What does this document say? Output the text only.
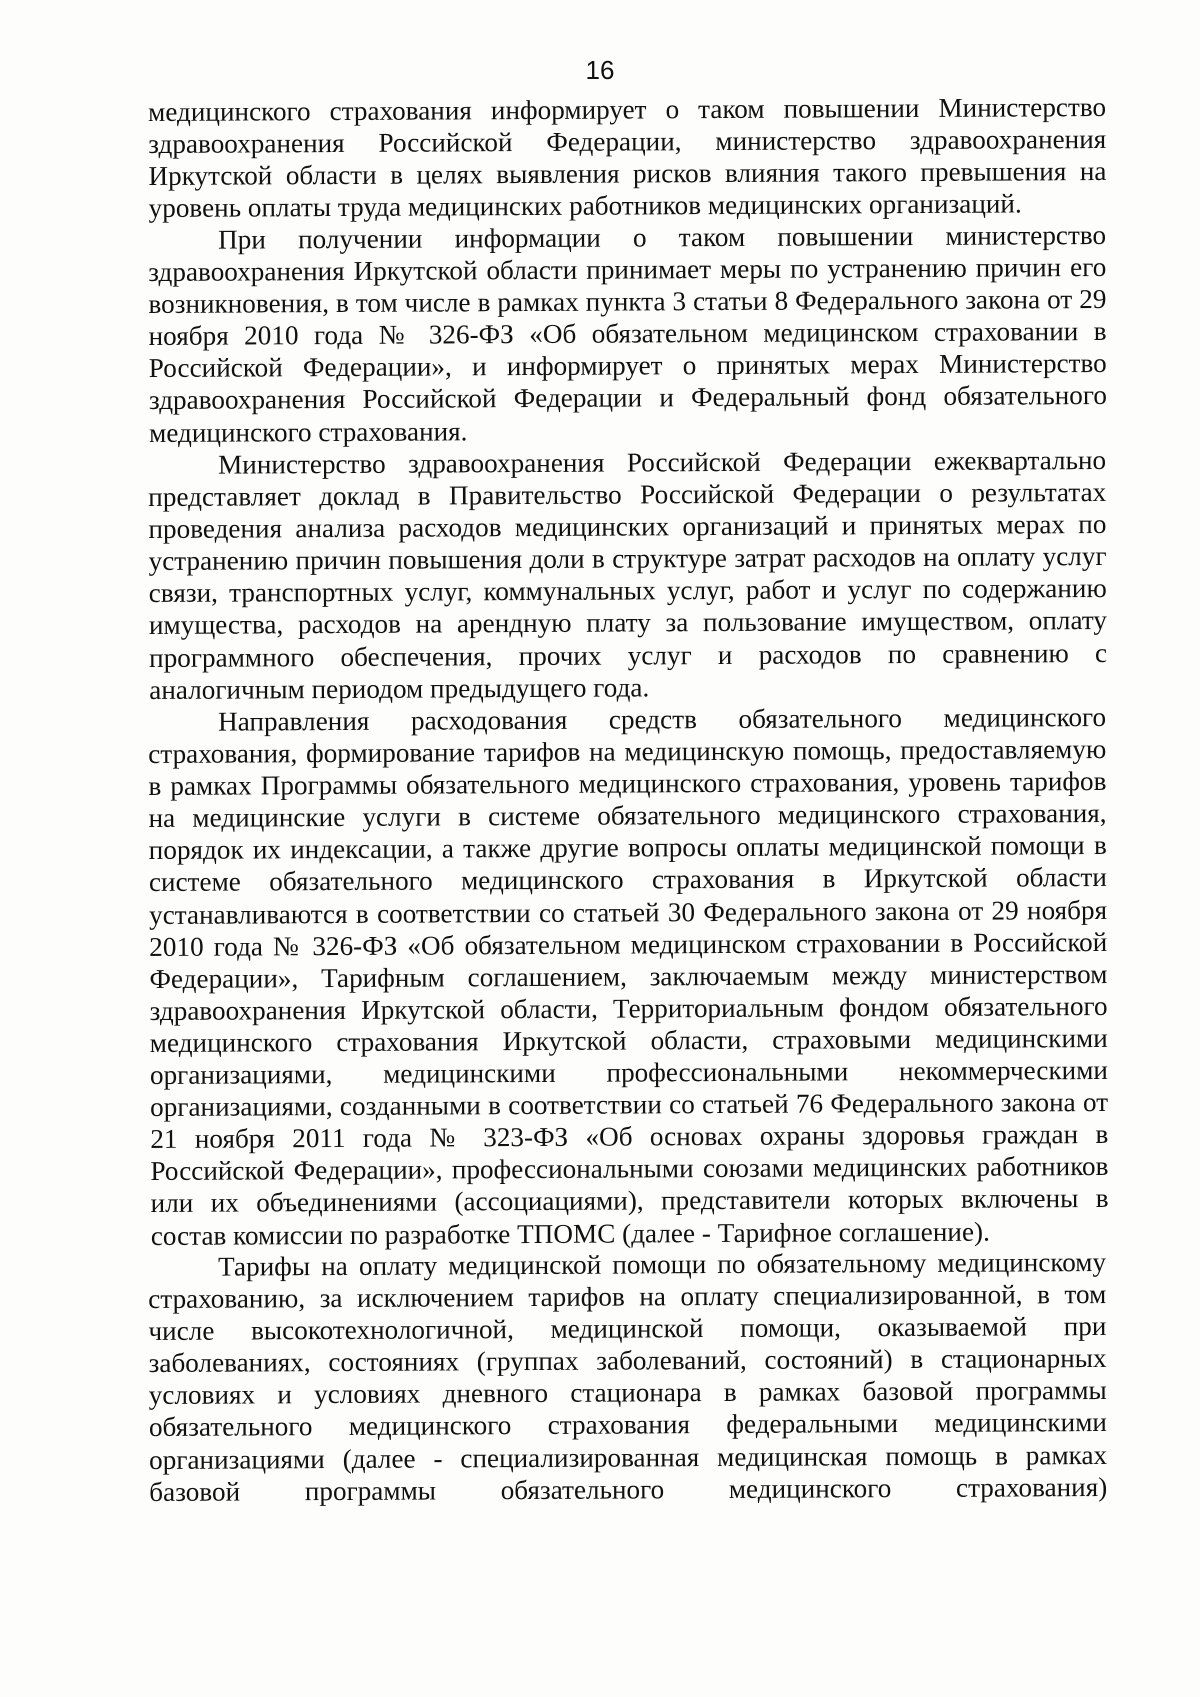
16

медицинского страхования информирует о таком повышении Министерство здравоохранения Российской Федерации, министерство здравоохранения Иркутской области в целях выявления рисков влияния такого превышения на уровень оплаты труда медицинских работников медицинских организаций.

При получении информации о таком повышении министерство здравоохранения Иркутской области принимает меры по устранению причин его возникновения, в том числе в рамках пункта 3 статьи 8 Федерального закона от 29 ноября 2010 года № 326-ФЗ «Об обязательном медицинском страховании в Российской Федерации», и информирует о принятых мерах Министерство здравоохранения Российской Федерации и Федеральный фонд обязательного медицинского страхования.

Министерство здравоохранения Российской Федерации ежеквартально представляет доклад в Правительство Российской Федерации о результатах проведения анализа расходов медицинских организаций и принятых мерах по устранению причин повышения доли в структуре затрат расходов на оплату услуг связи, транспортных услуг, коммунальных услуг, работ и услуг по содержанию имущества, расходов на арендную плату за пользование имуществом, оплату программного обеспечения, прочих услуг и расходов по сравнению с аналогичным периодом предыдущего года.

Направления расходования средств обязательного медицинского страхования, формирование тарифов на медицинскую помощь, предоставляемую в рамках Программы обязательного медицинского страхования, уровень тарифов на медицинские услуги в системе обязательного медицинского страхования, порядок их индексации, а также другие вопросы оплаты медицинской помощи в системе обязательного медицинского страхования в Иркутской области устанавливаются в соответствии со статьей 30 Федерального закона от 29 ноября 2010 года № 326-ФЗ «Об обязательном медицинском страховании в Российской Федерации», Тарифным соглашением, заключаемым между министерством здравоохранения Иркутской области, Территориальным фондом обязательного медицинского страхования Иркутской области, страховыми медицинскими организациями, медицинскими профессиональными некоммерческими организациями, созданными в соответствии со статьей 76 Федерального закона от 21 ноября 2011 года № 323-ФЗ «Об основах охраны здоровья граждан в Российской Федерации», профессиональными союзами медицинских работников или их объединениями (ассоциациями), представители которых включены в состав комиссии по разработке ТПОМС (далее - Тарифное соглашение).

Тарифы на оплату медицинской помощи по обязательному медицинскому страхованию, за исключением тарифов на оплату специализированной, в том числе высокотехнологичной, медицинской помощи, оказываемой при заболеваниях, состояниях (группах заболеваний, состояний) в стационарных условиях и условиях дневного стационара в рамках базовой программы обязательного медицинского страхования федеральными медицинскими организациями (далее - специализированная медицинская помощь в рамках базовой программы обязательного медицинского страхования)
